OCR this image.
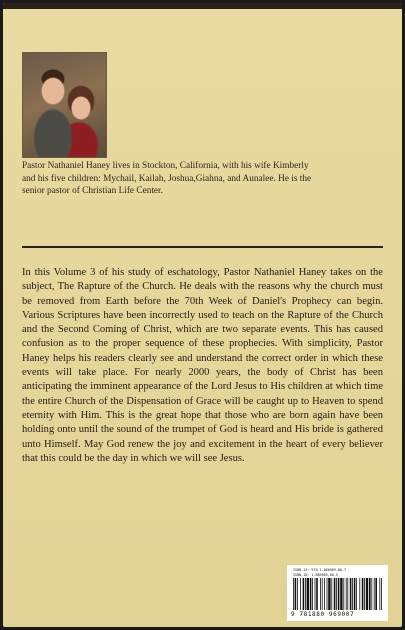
Pastor Nathaniel Haney lives in Stockton, California, with his wife Kimberly and his five children: Mychail, Kailah, Joshua,Giahna, and Aunalee. He is the senior pastor of Christian Life Center.

In this Volume 3 of his study of eschatology, Pastor Nathaniel Haney takes on the subject, The Rapture of the Church. He deals with the reasons why the church must be removed from Earth before the 70th Week of Daniel's Prophecy can begin. Various Scriptures have been incorrectly used to teach on the Rapture of the Church and the Second Coming of Christ, which are two separate events. This has caused confusion as to the proper sequence of these prophecies. With simplicity, Pastor Haney helps his readers clearly see and understand the correct order in which these events will take place. For nearly 2000 years, the body of Christ has been anticipating the imminent appearance of the Lord Jesus to His children at which time the entire Church of the Dispensation of Grace will be caught up to Heaven to spend eternity with Him. This is the great hope that those who are born again have been holding onto until the sound of the trumpet of God is heard and His bride is gathered unto Himself. May God renew the joy and excitement in the heart of every believer that this could be the day in which we will see Jesus.

ISBN-13: 978-1-880969-00-7
ISBN-10: 1-880969-00-5
9 781880 969007
